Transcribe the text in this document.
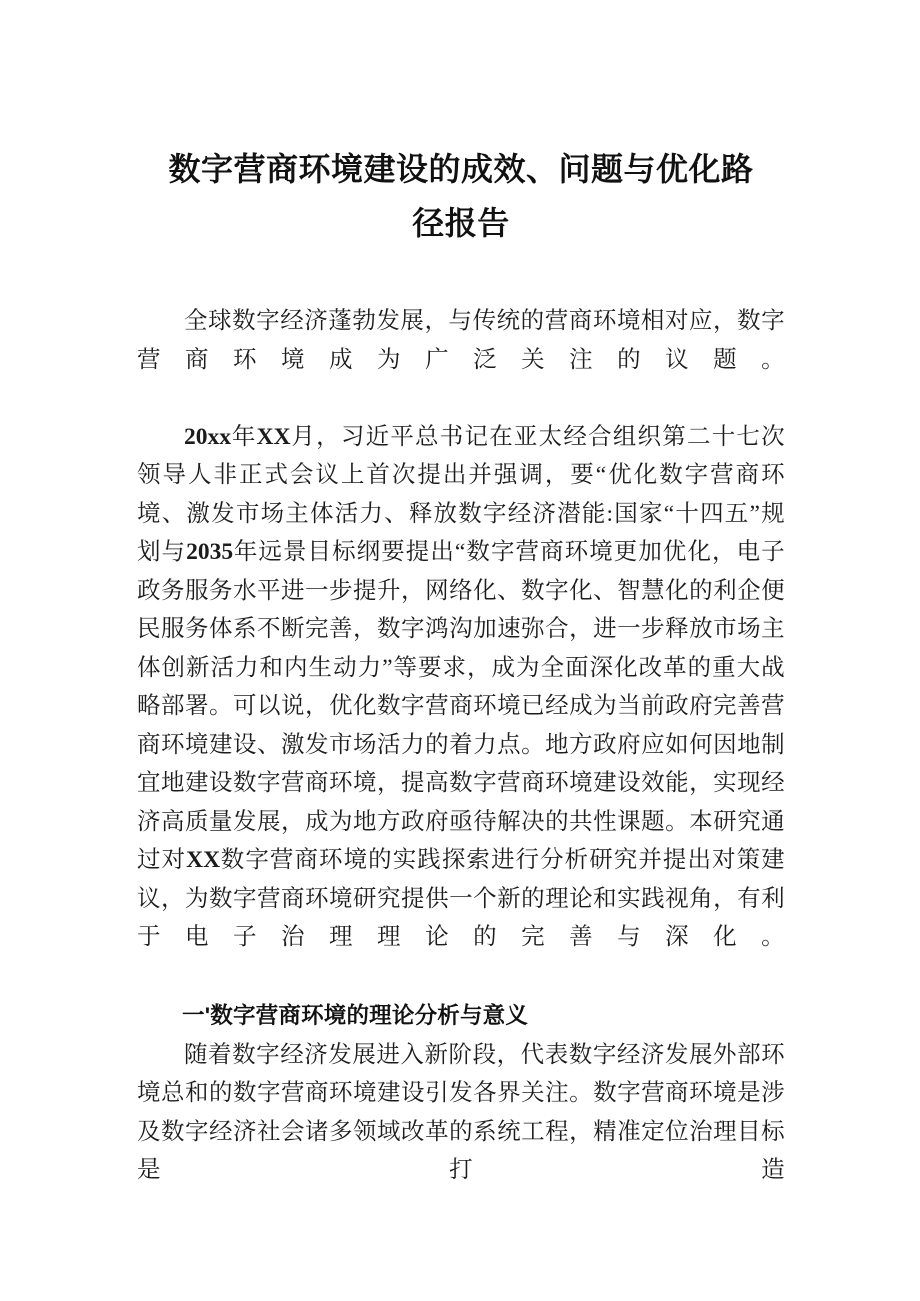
数字营商环境建设的成效、问题与优化路
径报告

全球数字经济蓬勃发展，与传统的营商环境相对应，数字营商环境成为广泛关注的议题。

20xx年XX月，习近平总书记在亚太经合组织第二十七次领导人非正式会议上首次提出并强调，要“优化数字营商环境、激发市场主体活力、释放数字经济潜能:国家“十四五”规划与2035年远景目标纲要提出“数字营商环境更加优化，电子政务服务水平进一步提升，网络化、数字化、智慧化的利企便民服务体系不断完善，数字鸿沟加速弥合，进一步释放市场主体创新活力和内生动力”等要求，成为全面深化改革的重大战略部署。可以说，优化数字营商环境已经成为当前政府完善营商环境建设、激发市场活力的着力点。地方政府应如何因地制宜地建设数字营商环境，提高数字营商环境建设效能，实现经济高质量发展，成为地方政府亟待解决的共性课题。本研究通过对XX数字营商环境的实践探索进行分析研究并提出对策建议，为数字营商环境研究提供一个新的理论和实践视角，有利于电子治理理论的完善与深化。

一'数字营商环境的理论分析与意义

随着数字经济发展进入新阶段，代表数字经济发展外部环境总和的数字营商环境建设引发各界关注。数字营商环境是涉及数字经济社会诸多领域改革的系统工程，精准定位治理目标是打造
